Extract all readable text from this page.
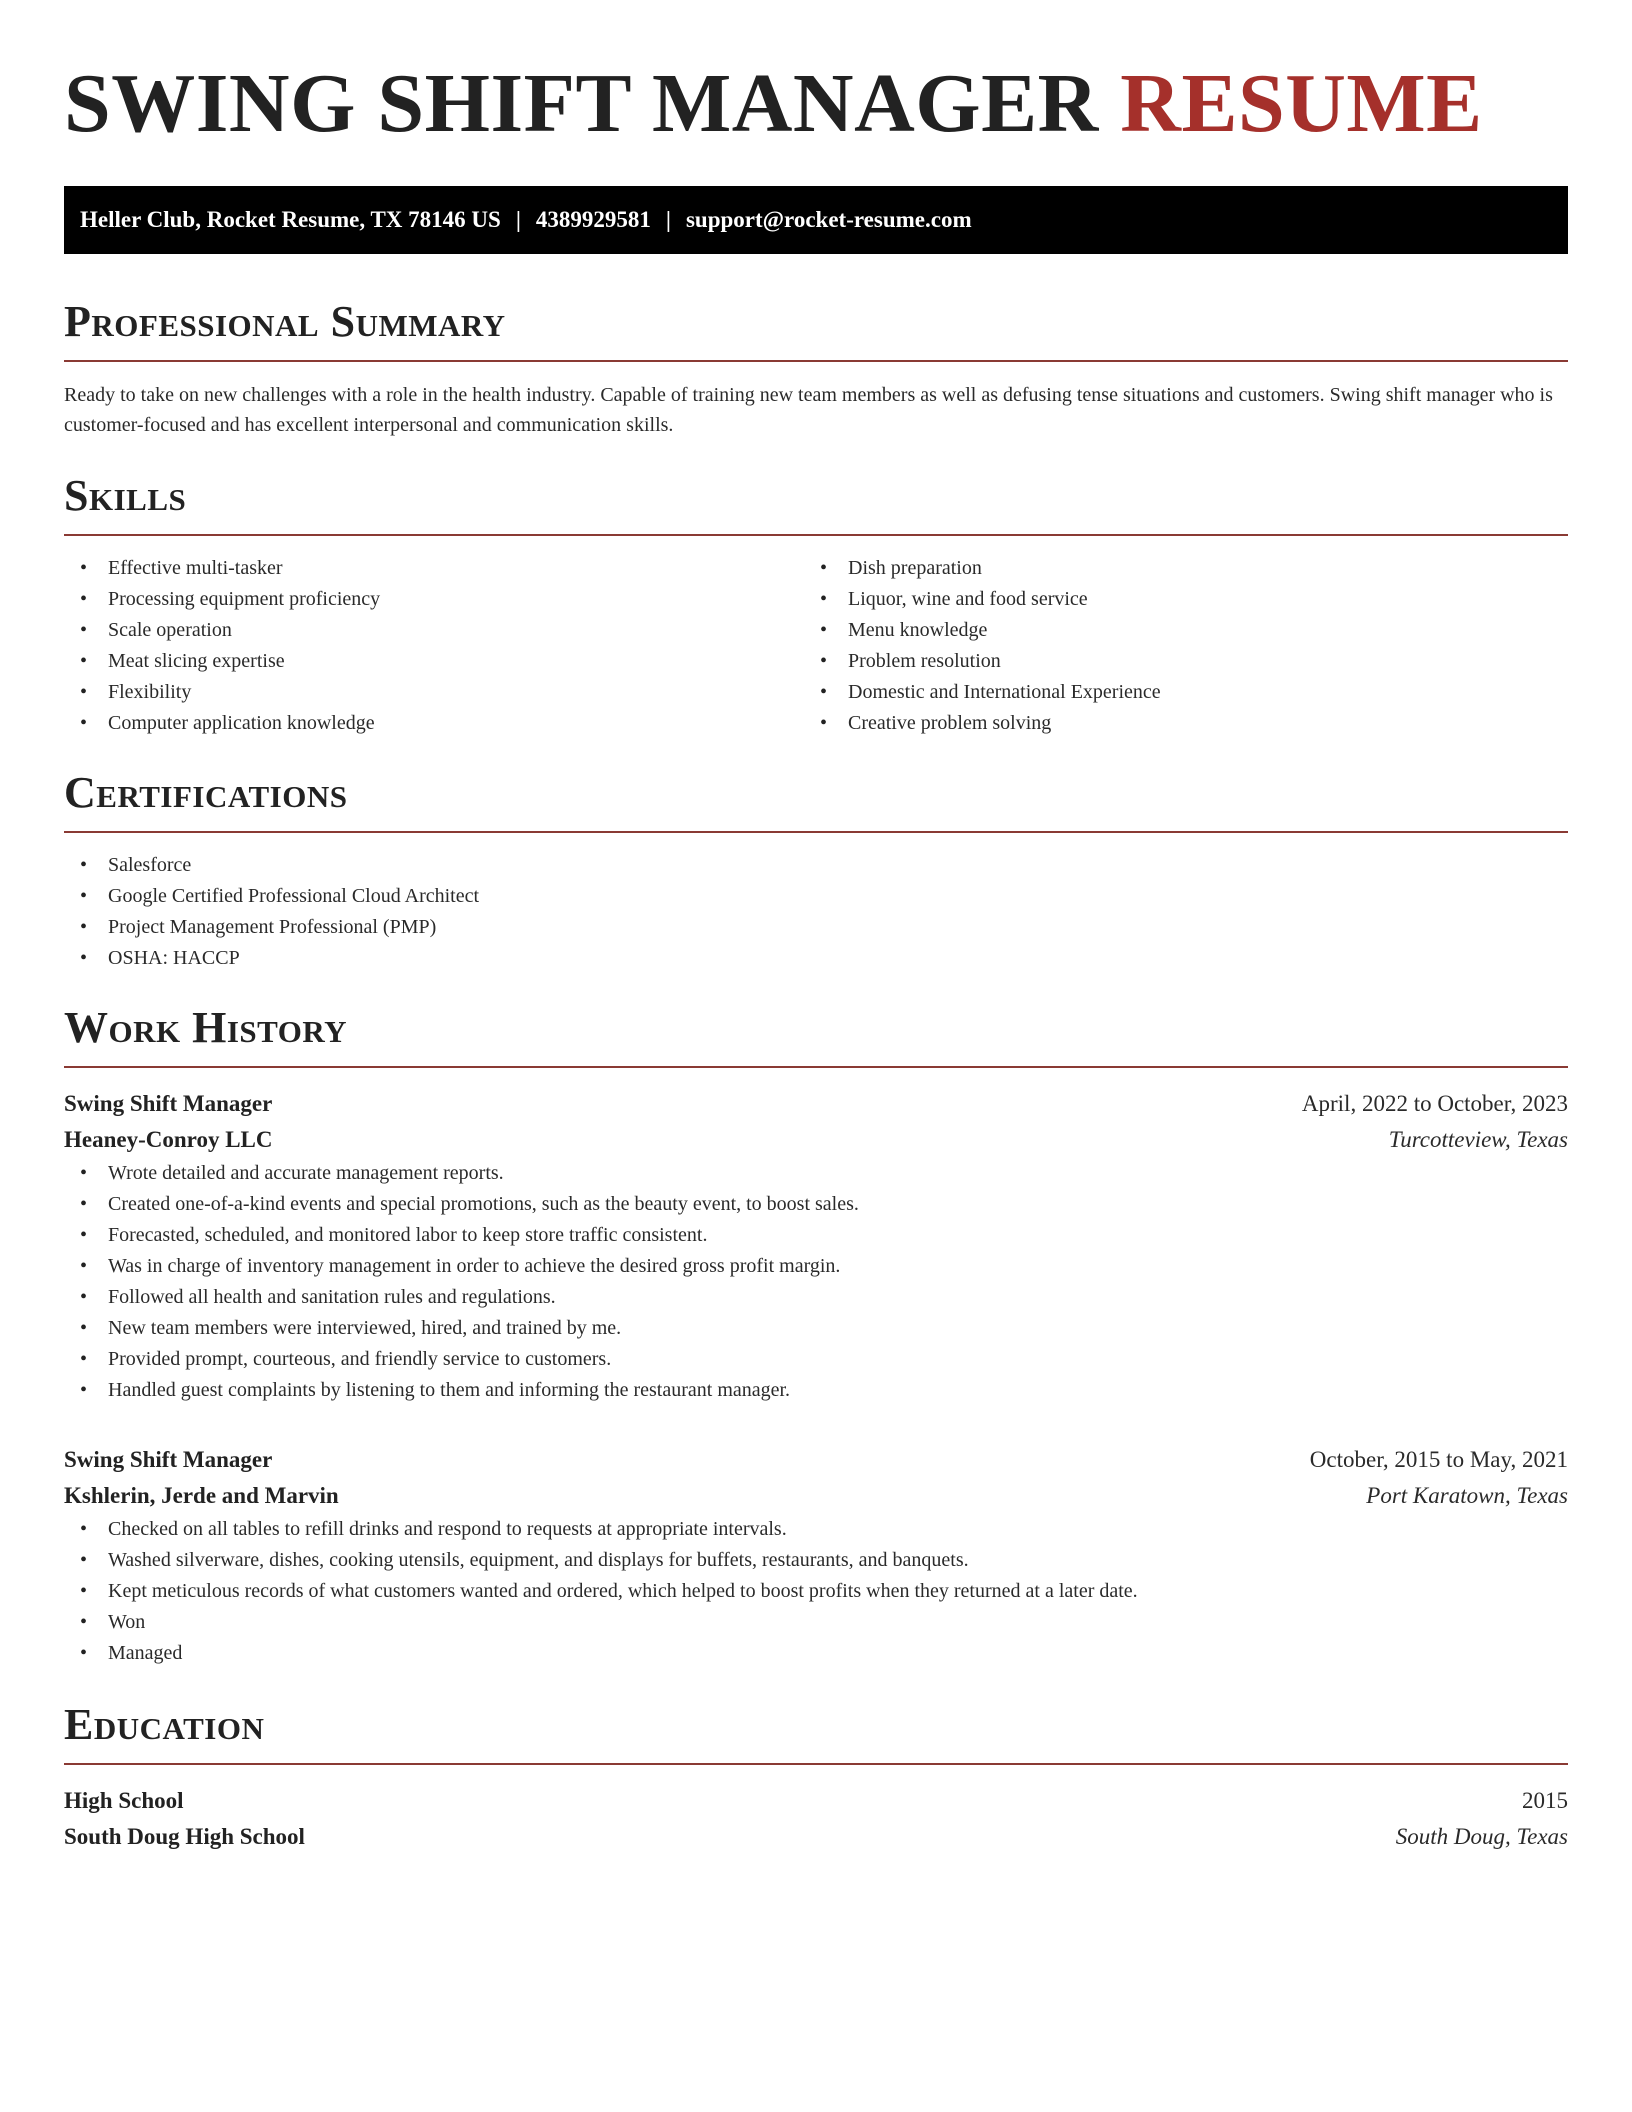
SWING SHIFT MANAGER RESUME
Heller Club, Rocket Resume, TX 78146 US | 4389929581 | support@rocket-resume.com
Professional Summary

Ready to take on new challenges with a role in the health industry. Capable of training new team members as well as defusing tense situations and customers. Swing shift manager who is customer-focused and has excellent interpersonal and communication skills.

Skills
• Effective multi-tasker
• Processing equipment proficiency
• Scale operation
• Meat slicing expertise
• Flexibility
• Computer application knowledge
• Dish preparation
• Liquor, wine and food service
• Menu knowledge
• Problem resolution
• Domestic and International Experience
• Creative problem solving
Certifications
• Salesforce
• Google Certified Professional Cloud Architect
• Project Management Professional (PMP)
• OSHA: HACCP
Work History
Swing Shift Manager	April, 2022 to October, 2023
Heaney-Conroy LLC	Turcotteview, Texas
• Wrote detailed and accurate management reports.
• Created one-of-a-kind events and special promotions, such as the beauty event, to boost sales.
• Forecasted, scheduled, and monitored labor to keep store traffic consistent.
• Was in charge of inventory management in order to achieve the desired gross profit margin.
• Followed all health and sanitation rules and regulations.
• New team members were interviewed, hired, and trained by me.
• Provided prompt, courteous, and friendly service to customers.
• Handled guest complaints by listening to them and informing the restaurant manager.
Swing Shift Manager	October, 2015 to May, 2021
Kshlerin, Jerde and Marvin	Port Karatown, Texas
• Checked on all tables to refill drinks and respond to requests at appropriate intervals.
• Washed silverware, dishes, cooking utensils, equipment, and displays for buffets, restaurants, and banquets.
• Kept meticulous records of what customers wanted and ordered, which helped to boost profits when they returned at a later date.
• Won
• Managed
Education
High School	2015
South Doug High School	South Doug, Texas
